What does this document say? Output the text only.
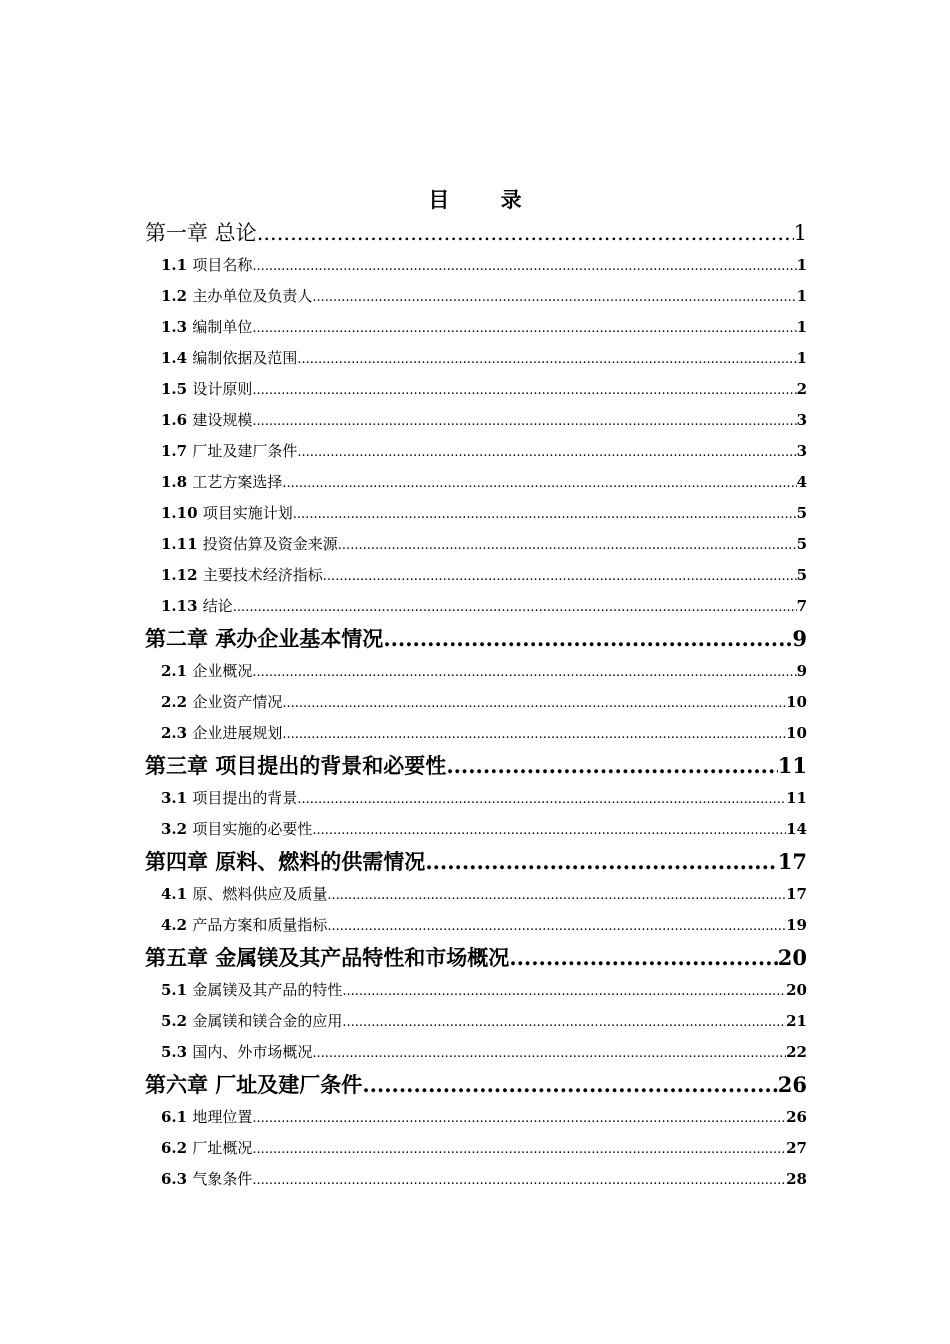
目 录
第一章 总论 .....	1
1.1 项目名称 .....	1
1.2 主办单位及负责人 .....	1
1.3 编制单位 .....	1
1.4 编制依据及范围 .....	1
1.5 设计原则 .....	2
1.6 建设规模 .....	3
1.7 厂址及建厂条件 .....	3
1.8 工艺方案选择 .....	4
1.10 项目实施计划 .....	5
1.11 投资估算及资金来源 .....	5
1.12 主要技术经济指标 .....	5
1.13 结论 .....	7
第二章 承办企业基本情况 .....	9
2.1 企业概况 .....	9
2.2 企业资产情况 .....	10
2.3 企业进展规划 .....	10
第三章 项目提出的背景和必要性 .....	11
3.1 项目提出的背景 .....	11
3.2 项目实施的必要性 .....	14
第四章 原料、燃料的供需情况 .....	17
4.1 原、燃料供应及质量 .....	17
4.2 产品方案和质量指标 .....	19
第五章 金属镁及其产品特性和市场概况 .....	20
5.1 金属镁及其产品的特性 .....	20
5.2 金属镁和镁合金的应用 .....	21
5.3 国内、外市场概况 .....	22
第六章 厂址及建厂条件 .....	26
6.1 地理位置 .....	26
6.2 厂址概况 .....	27
6.3 气象条件 .....	28
